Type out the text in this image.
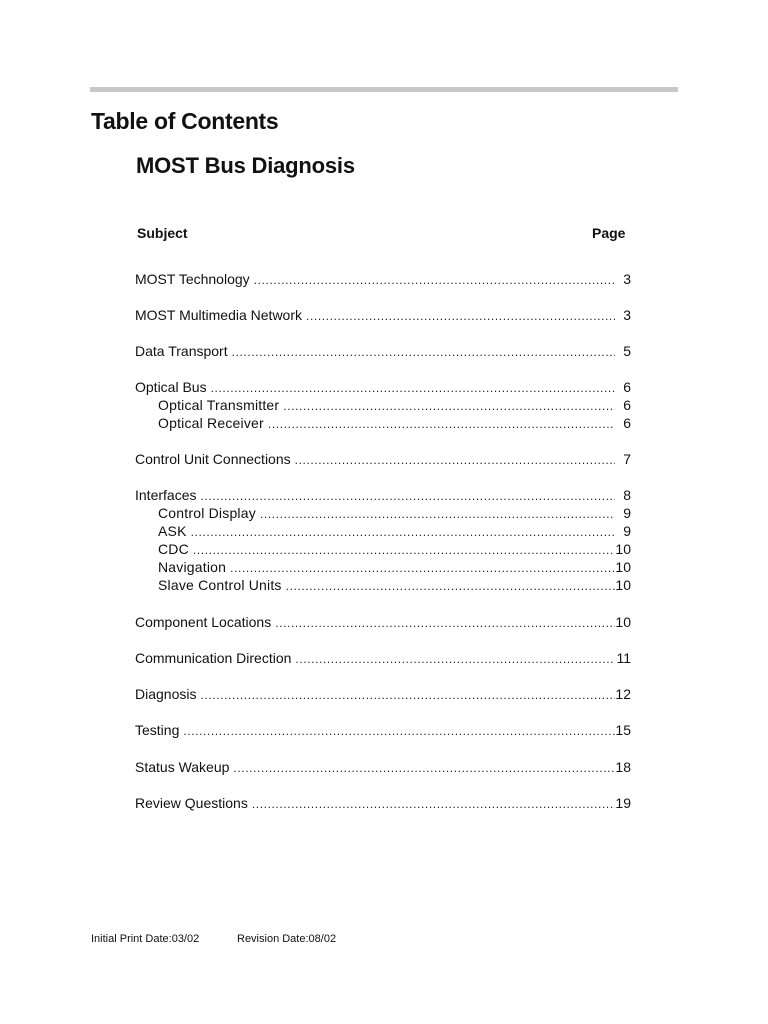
Table of Contents
MOST Bus Diagnosis
Subject	Page
MOST Technology .....	3
MOST Multimedia Network .....	3
Data Transport .....	5
Optical Bus .....	6
Optical Transmitter .....	6
Optical Receiver .....	6
Control Unit Connections .....	7
Interfaces .....	8
Control Display .....	9
ASK .....	9
CDC .....	10
Navigation .....	10
Slave Control Units .....	10
Component Locations .....	10
Communication Direction .....	11
Diagnosis .....	12
Testing .....	15
Status Wakeup .....	18
Review Questions .....	19
Initial Print Date:03/02	Revision Date:08/02
